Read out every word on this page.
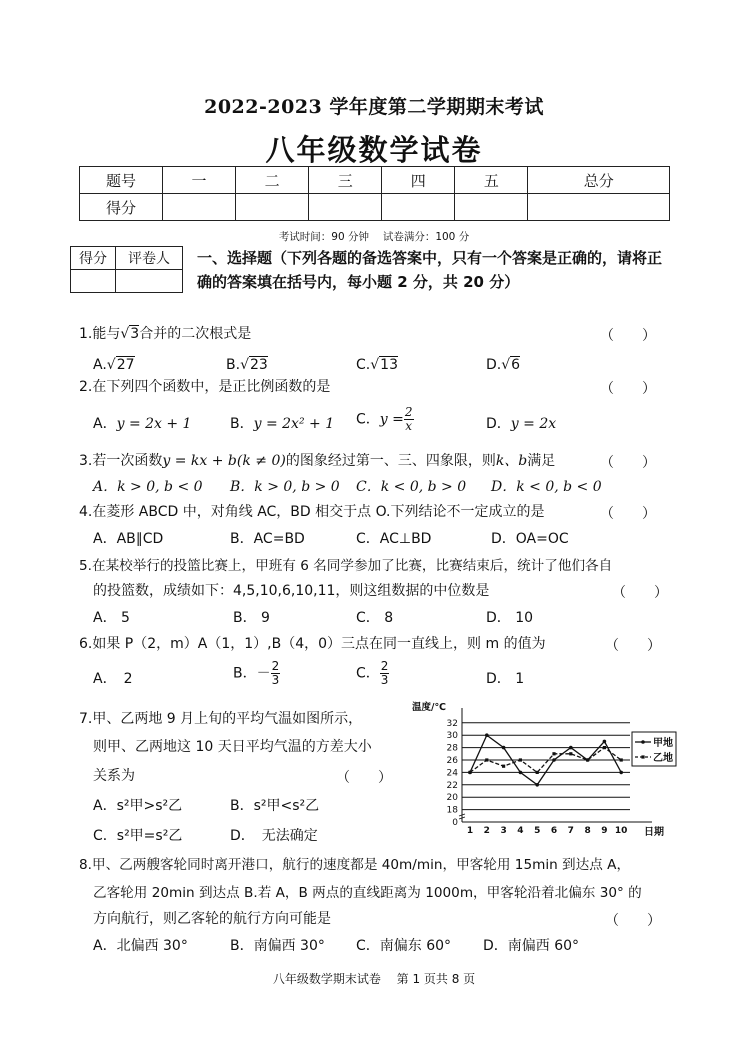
2022-2023 学年度第二学期期末考试
八年级数学试卷
题号	一	二	三	四	五	总分
得分						
考试时间：90 分钟　 试卷满分：100 分
得分	评卷人
	一、选择题（下列各题的备选答案中，只有一个答案是正确的，请将正
确的答案填在括号内，每小题 2 分，共 20 分）
1.能与√3合并的二次根式是	（　　）
A.√27	B.√23	C.√13	D.√6
2.在下列四个函数中，是正比例函数的是	（　　）
A．y = 2x + 1	B．y = 2x² + 1 C．$y = \frac{2}{x}$	D．y = 2x
3.若一次函数y = kx + b(k ≠ 0)的图象经过第一、三、四象限，则k、b满足	（　　）
A．k > 0, b < 0 B．k > 0, b > 0 C．k < 0, b > 0 D．k < 0, b < 0
4.在菱形 ABCD 中，对角线 AC，BD 相交于点 O.下列结论不一定成立的是	（　　）
A．AB∥CD	B．AC=BD	C．AC⊥BD	D．OA=OC
5.在某校举行的投篮比赛上，甲班有 6 名同学参加了比赛，比赛结束后，统计了他们各自
的投篮数，成绩如下：4,5,10,6,10,11，则这组数据的中位数是	（　　）
A． 5	B． 9	C． 8	D． 10
6.如果 P（2，m）A（1，1）,B（4，0）三点在同一直线上，则 m 的值为	（　　）
A．　2	B．－ $\frac{2}{3}$	C． $\frac{2}{3}$	D． 1
7.甲、乙两地 9 月上旬的平均气温如图所示，
则甲、乙两地这 10 天日平均气温的方差大小
关系为	（　　）
A．s²甲>s²乙	B．s²甲<s²乙
C．s²甲=s²乙	D．　无法确定
0
18
20
22
24
26
28
30
32
1 2 3 4 5 6 7 8 9 10
温度/℃
日期
甲地
乙地
8.甲、乙两艘客轮同时离开港口，航行的速度都是 40m/min，甲客轮用 15min 到达点 A，
乙客轮用 20min 到达点 B.若 A，B 两点的直线距离为 1000m，甲客轮沿着北偏东 30° 的
方向航行，则乙客轮的航行方向可能是	（　　）
A．北偏西 30°	B．南偏西 30° C．南偏东 60° D．南偏西 60°
八年级数学期末试卷　 第 1 页共 8 页
